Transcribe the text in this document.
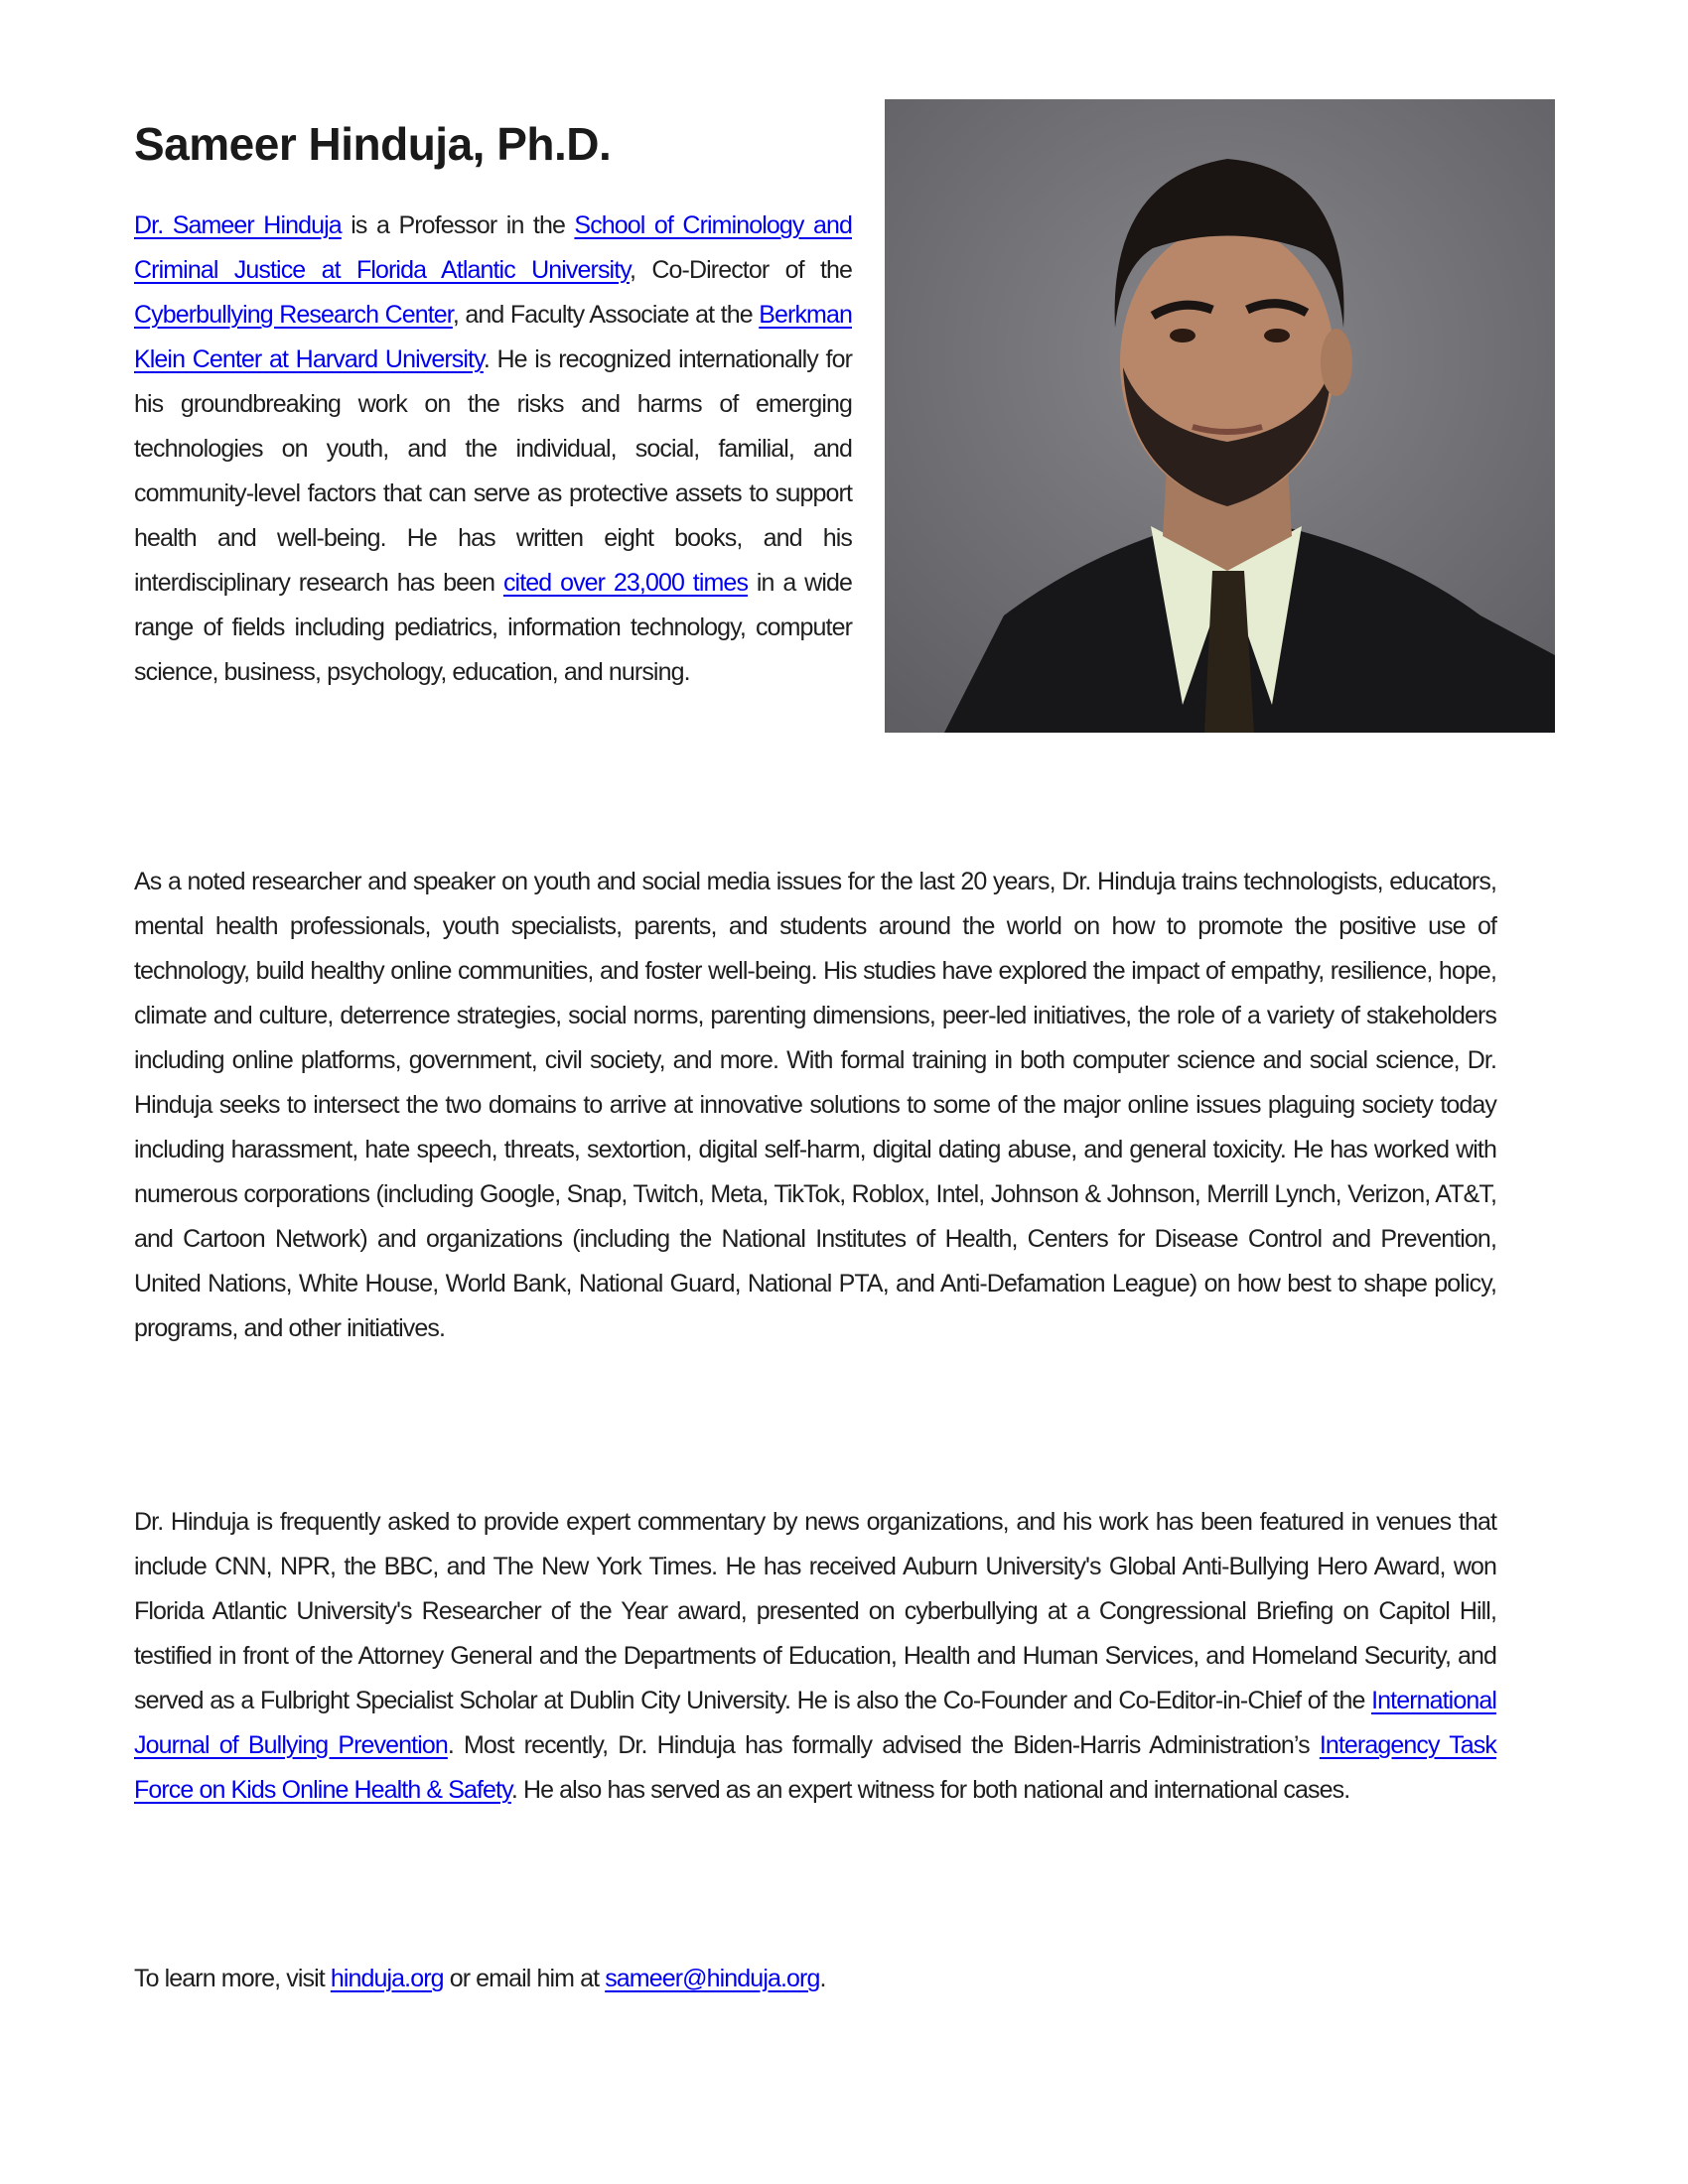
Sameer Hinduja, Ph.D.

Dr. Sameer Hinduja is a Professor in the School of Criminology and Criminal Justice at Florida Atlantic University, Co-Director of the Cyberbullying Research Center, and Faculty Associate at the Berkman Klein Center at Harvard University. He is recognized internationally for his groundbreaking work on the risks and harms of emerging technologies on youth, and the individual, social, familial, and community-level factors that can serve as protective assets to support health and well-being. He has written eight books, and his interdisciplinary research has been cited over 23,000 times in a wide range of fields including pediatrics, information technology, computer science, business, psychology, education, and nursing.

As a noted researcher and speaker on youth and social media issues for the last 20 years, Dr. Hinduja trains technologists, educators, mental health professionals, youth specialists, parents, and students around the world on how to promote the positive use of technology, build healthy online communities, and foster well-being. His studies have explored the impact of empathy, resilience, hope, climate and culture, deterrence strategies, social norms, parenting dimensions, peer-led initiatives, the role of a variety of stakeholders including online platforms, government, civil society, and more. With formal training in both computer science and social science, Dr. Hinduja seeks to intersect the two domains to arrive at innovative solutions to some of the major online issues plaguing society today including harassment, hate speech, threats, sextortion, digital self-harm, digital dating abuse, and general toxicity. He has worked with numerous corporations (including Google, Snap, Twitch, Meta, TikTok, Roblox, Intel, Johnson & Johnson, Merrill Lynch, Verizon, AT&T, and Cartoon Network) and organizations (including the National Institutes of Health, Centers for Disease Control and Prevention, United Nations, White House, World Bank, National Guard, National PTA, and Anti-Defamation League) on how best to shape policy, programs, and other initiatives.

Dr. Hinduja is frequently asked to provide expert commentary by news organizations, and his work has been featured in venues that include CNN, NPR, the BBC, and The New York Times. He has received Auburn University's Global Anti-Bullying Hero Award, won Florida Atlantic University's Researcher of the Year award, presented on cyberbullying at a Congressional Briefing on Capitol Hill, testified in front of the Attorney General and the Departments of Education, Health and Human Services, and Homeland Security, and served as a Fulbright Specialist Scholar at Dublin City University. He is also the Co-Founder and Co-Editor-in-Chief of the International Journal of Bullying Prevention. Most recently, Dr. Hinduja has formally advised the Biden-Harris Administration’s Interagency Task Force on Kids Online Health & Safety. He also has served as an expert witness for both national and international cases.

To learn more, visit hinduja.org or email him at sameer@hinduja.org.
